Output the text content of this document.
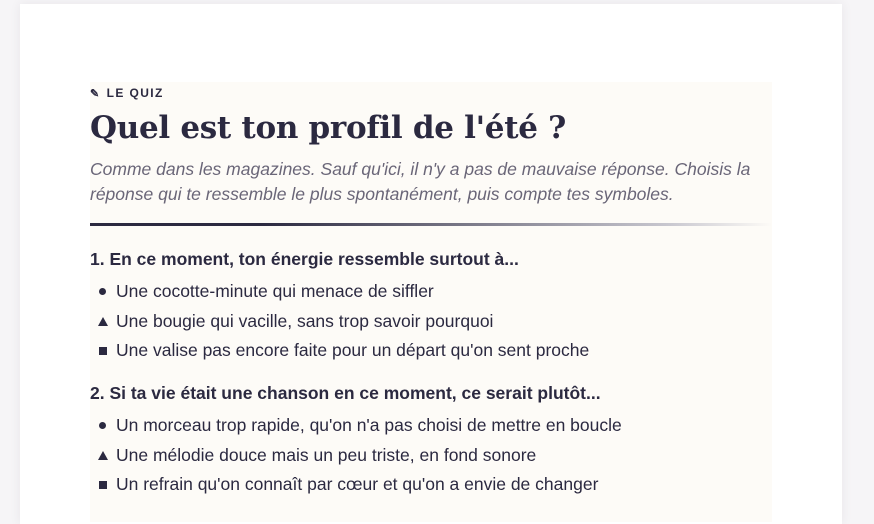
✎ LE QUIZ
Quel est ton profil de l'été ?

Comme dans les magazines. Sauf qu'ici, il n'y a pas de mauvaise réponse. Choisis la réponse qui te ressemble le plus spontanément, puis compte tes symboles.

1. En ce moment, ton énergie ressemble surtout à...

Une cocotte-minute qui menace de siffler
Une bougie qui vacille, sans trop savoir pourquoi
Une valise pas encore faite pour un départ qu'on sent proche

2. Si ta vie était une chanson en ce moment, ce serait plutôt...

Un morceau trop rapide, qu'on n'a pas choisi de mettre en boucle
Une mélodie douce mais un peu triste, en fond sonore
Un refrain qu'on connaît par cœur et qu'on a envie de changer
